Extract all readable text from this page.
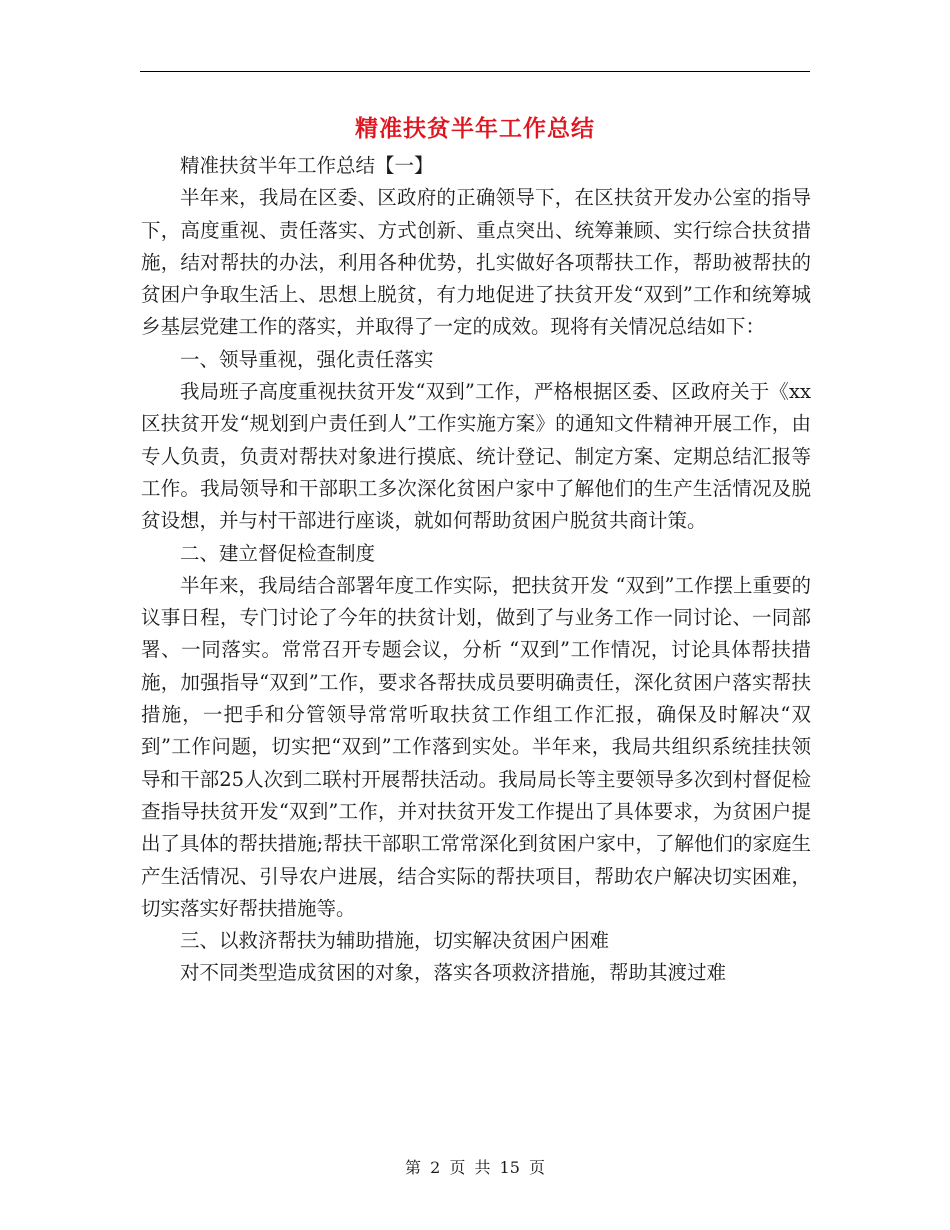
精准扶贫半年工作总结

精准扶贫半年工作总结【一】

半年来，我局在区委、区政府的正确领导下，在区扶贫开发办公室的指导下，高度重视、责任落实、方式创新、重点突出、统筹兼顾、实行综合扶贫措施，结对帮扶的办法，利用各种优势，扎实做好各项帮扶工作，帮助被帮扶的贫困户争取生活上、思想上脱贫，有力地促进了扶贫开发“双到”工作和统筹城乡基层党建工作的落实，并取得了一定的成效。现将有关情况总结如下：

一、领导重视，强化责任落实

我局班子高度重视扶贫开发“双到”工作，严格根据区委、区政府关于《xx区扶贫开发“规划到户责任到人”工作实施方案》的通知文件精神开展工作，由专人负责，负责对帮扶对象进行摸底、统计登记、制定方案、定期总结汇报等工作。我局领导和干部职工多次深化贫困户家中了解他们的生产生活情况及脱贫设想，并与村干部进行座谈，就如何帮助贫困户脱贫共商计策。

二、建立督促检查制度

半年来，我局结合部署年度工作实际，把扶贫开发 “双到”工作摆上重要的议事日程，专门讨论了今年的扶贫计划，做到了与业务工作一同讨论、一同部署、一同落实。常常召开专题会议，分析 “双到”工作情况，讨论具体帮扶措施，加强指导“双到”工作，要求各帮扶成员要明确责任，深化贫困户落实帮扶措施，一把手和分管领导常常听取扶贫工作组工作汇报，确保及时解决“双到”工作问题，切实把“双到”工作落到实处。半年来，我局共组织系统挂扶领导和干部25人次到二联村开展帮扶活动。我局局长等主要领导多次到村督促检查指导扶贫开发“双到”工作，并对扶贫开发工作提出了具体要求，为贫困户提出了具体的帮扶措施;帮扶干部职工常常深化到贫困户家中，了解他们的家庭生产生活情况、引导农户进展，结合实际的帮扶项目，帮助农户解决切实困难，切实落实好帮扶措施等。

三、以救济帮扶为辅助措施，切实解决贫困户困难

对不同类型造成贫困的对象，落实各项救济措施，帮助其渡过难

第 2 页 共 15 页
